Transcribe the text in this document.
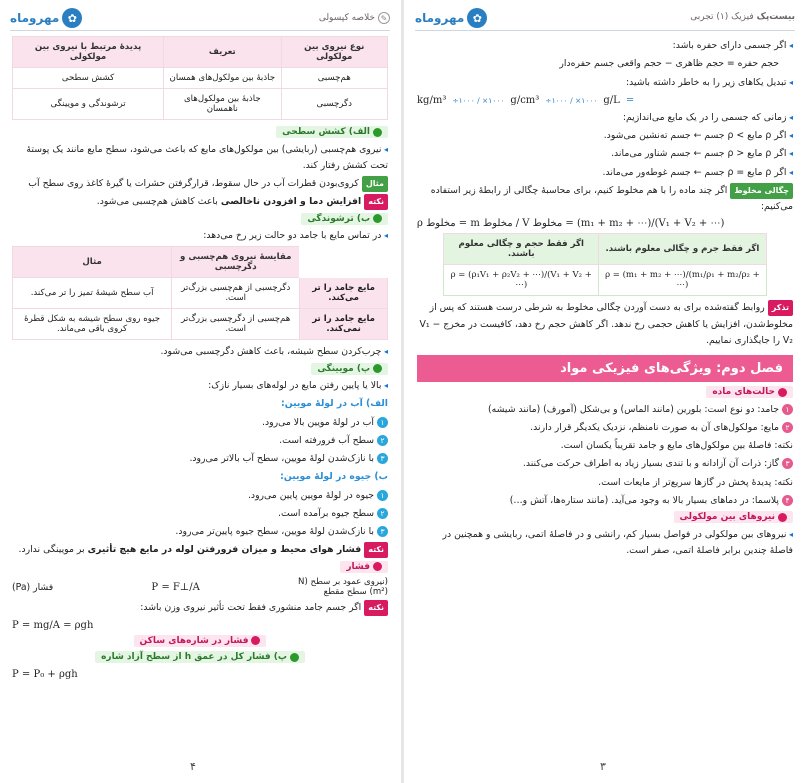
✿
مهروماه	✎
خلاصه کپسولی
نوع نیروی بین مولکولی	تعریف	پدیدهٔ مرتبط با نیروی بین مولکولی
هم‌چسبی	جاذبهٔ بین مولکول‌های همسان	کشش سطحی
دگرچسبی	جاذبهٔ بین مولکول‌های ناهمسان	ترشوندگی و مویینگی
الف) کشش سطحی

◂ نیروی هم‌چسبی (ربایشی) بین مولکول‌های مایع که باعث می‌شود، سطح مایع مانند یک پوستهٔ تحت کشش رفتار کند.

مثالکروی‌بودن قطرات آب در حال سقوط، قرارگرفتن حشرات یا گیرهٔ کاغذ روی سطح آب

نکتهافزایش دما و افزودن ناخالصی باعث کاهش هم‌چسبی می‌شود.

ب) ترشوندگی

◂ در تماس مایع با جامد دو حالت زیر رخ می‌دهد:

	مقایسهٔ نیروی هم‌چسبی و دگرچسبی	مثال
مایع جامد را تر می‌کند.	دگرچسبی از هم‌چسبی بزرگ‌تر است.	آب سطح شیشهٔ تمیز را تر می‌کند.
مایع جامد را تر نمی‌کند.	هم‌چسبی از دگرچسبی بزرگ‌تر است.	جیوه روی سطح شیشه به شکل قطرهٔ کروی باقی می‌ماند.

◂ چرب‌کردن سطح شیشه، باعث کاهش دگرچسبی می‌شود.

پ) مویینگی

◂ بالا یا پایین رفتن مایع در لوله‌های بسیار نازک:

الف) آب در لولهٔ مویین:

۱آب در لولهٔ مویین بالا می‌رود.

۲سطح آب فرورفته است.

۳با نازک‌شدن لولهٔ مویین، سطح آب بالاتر می‌رود.

ب) جیوه در لولهٔ مویین:

۱جیوه در لولهٔ مویین پایین می‌رود.

۲سطح جیوه برآمده است.

۳با نازک‌شدن لولهٔ مویین، سطح جیوه پایین‌تر می‌رود.

نکتهفشار هوای محیط و میزان فرورفتن لوله در مایع هیچ تأثیری بر مویینگی ندارد.

فشار
(نیروی عمود بر سطح (N
(m²) سطح مقطع
P = F⊥/A
فشار (Pa)

نکتهاگر جسم جامد منشوری فقط تحت تأثیر نیروی وزن باشد:

P = mg/A = ρgh

فشار در شاره‌های ساکن
پ) فشار کل در عمق h از سطح آزاد شاره

P = P₀ + ρgh

۴
بیست‌پک
فیزیک (۱) تجربی
✿
مهروماه

◂ اگر جسمی دارای حفره باشد:

حجم حفره = حجم ظاهری − حجم واقعی جسم حفره‌دار

◂ تبدیل یکاهای زیر را به خاطر داشته باشید:

kg/m³ ÷۱۰۰۰ / ×۱۰۰۰ g/cm³ ÷۱۰۰۰ / ×۱۰۰۰ g/L =

◂ زمانی که جسمی را در یک مایع می‌اندازیم:

◂ اگر ρ مایع > ρ جسم ← جسم ته‌نشین می‌شود.

◂ اگر ρ مایع < ρ جسم ← جسم شناور می‌ماند.

◂ اگر ρ مایع = ρ جسم ← جسم غوطه‌ور می‌ماند.

چگالی مخلوطاگر چند ماده را با هم مخلوط کنیم، برای محاسبهٔ چگالی از رابطهٔ زیر استفاده می‌کنیم:

ρ مخلوط = m مخلوط / V مخلوط = (m₁ + m₂ + ⋯)/(V₁ + V₂ + ⋯)

اگر فقط جرم و چگالی معلوم باشند.	اگر فقط حجم و چگالی معلوم باشند.
ρ = (m₁ + m₂ + ⋯)/(m₁/ρ₁ + m₂/ρ₂ + ⋯)	ρ = (ρ₁V₁ + ρ₂V₂ + ⋯)/(V₁ + V₂ + ⋯)

تذکرروابط گفته‌شده برای به دست آوردن چگالی مخلوط به شرطی درست هستند که پس از مخلوط‌شدن، افزایش یا کاهش حجمی رخ ندهد. اگر کاهش حجم رخ دهد، کافیست در مخرج V₁ − V₂ را جایگذاری نماییم.

فصل دوم: ویژگی‌های فیزیکی مواد
حالت‌های ماده

۱جامد: دو نوع است: بلورین (مانند الماس) و بی‌شکل (آمورف) (مانند شیشه)

۲مایع: مولکول‌های آن به صورت نامنظم، نزدیک یکدیگر قرار دارند.

نکته: فاصلهٔ بین مولکول‌های مایع و جامد تقریباً یکسان است.

۳گاز: ذرات آن آزادانه و با تندی بسیار زیاد به اطراف حرکت می‌کنند.

نکته: پدیدهٔ پخش در گازها سریع‌تر از مایعات است.

۴پلاسما: در دماهای بسیار بالا به وجود می‌آید. (مانند ستاره‌ها، آتش و…)

نیروهای بین مولکولی

◂ نیروهای بین مولکولی در فواصل بسیار کم، رانشی و در فاصلهٔ اتمی، ربایشی و همچنین در فاصلهٔ چندین برابر فاصلهٔ اتمی، صفر است.

۳
